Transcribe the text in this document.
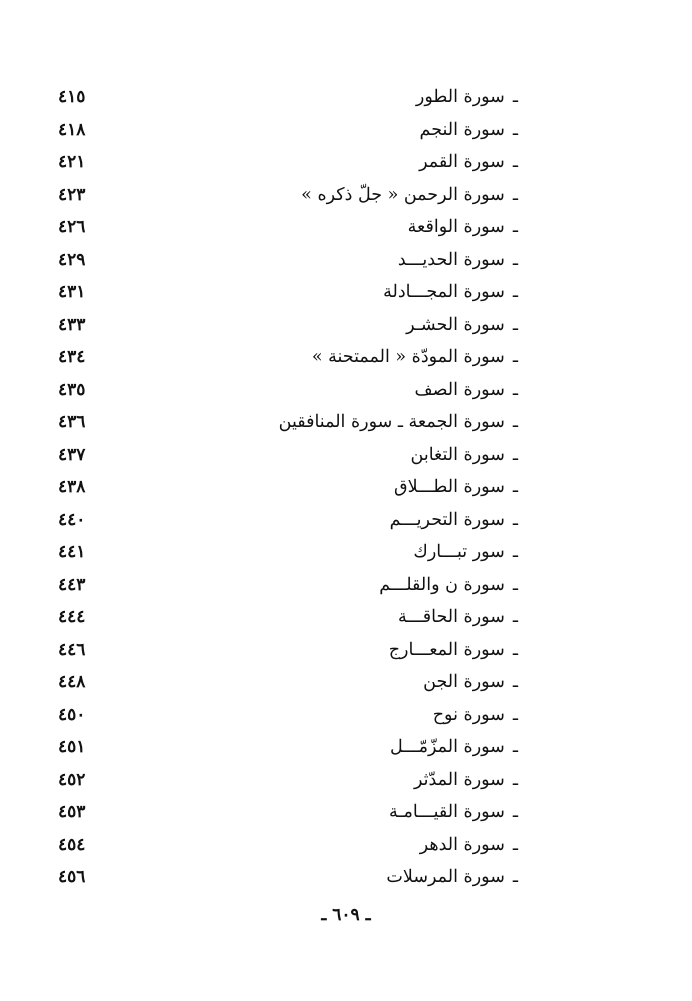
٤١٥	ـسورة الطور
٤١٨	ـسورة النجم
٤٢١	ـسورة القمر
٤٢٣	ـسورة الرحمن « جلّ ذكره »
٤٢٦	ـسورة الواقعة
٤٢٩	ـسورة الحديـــد
٤٣١	ـسورة المجـــادلة
٤٣٣	ـسورة الحشـر
٤٣٤	ـسورة المودّة « الممتحنة »
٤٣٥	ـسورة الصف
٤٣٦	ـسورة الجمعة ـ سورة المنافقين
٤٣٧	ـسورة التغابن
٤٣٨	ـسورة الطـــلاق
٤٤٠	ـسورة التحريـــم
٤٤١	ـسور تبـــارك
٤٤٣	ـسورة ن والقلـــم
٤٤٤	ـسورة الحاقـــة
٤٤٦	ـسورة المعـــارج
٤٤٨	ـسورة الجن
٤٥٠	ـسورة نوح
٤٥١	ـسورة المزّمّـــل
٤٥٢	ـسورة المدّثر
٤٥٣	ـسورة القيـــامـة
٤٥٤	ـسورة الدهر
٤٥٦	ـسورة المرسلات
ـ ٦٠٩ ـ
